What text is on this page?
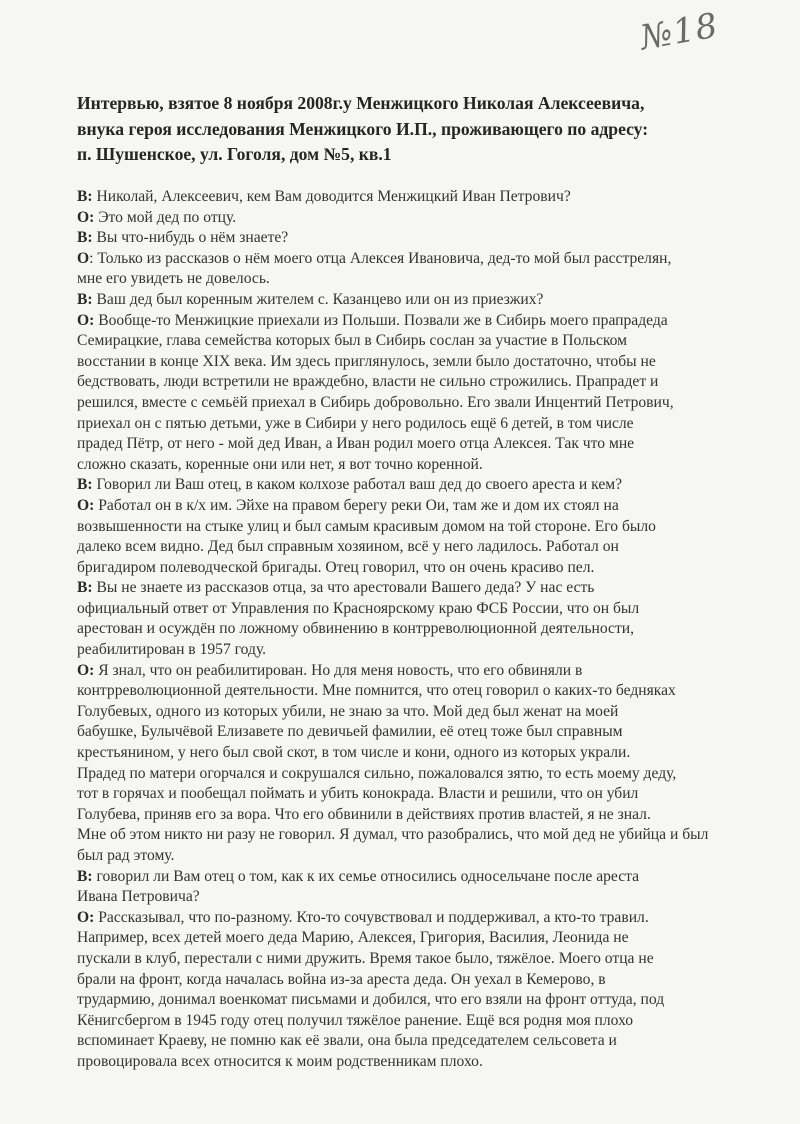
№18
Интервью, взятое 8 ноября 2008г.у Менжицкого Николая Алексеевича,
внука героя исследования Менжицкого И.П., проживающего по адресу:
п. Шушенское, ул. Гоголя, дом №5, кв.1
В: Николай, Алексеевич, кем Вам доводится Менжицкий Иван Петрович?
О: Это мой дед по отцу.
В: Вы что-нибудь о нём знаете?
О: Только из рассказов о нём моего отца Алексея Ивановича, дед-то мой был расстрелян,
мне его увидеть не довелось.
В: Ваш дед был коренным жителем с. Казанцево или он из приезжих?
О: Вообще-то Менжицкие приехали из Польши. Позвали же в Сибирь моего прапрадеда
Семирацкие, глава семейства которых был в Сибирь сослан за участие в Польском
восстании в конце XIX века. Им здесь приглянулось, земли было достаточно, чтобы не
бедствовать, люди встретили не враждебно, власти не сильно строжились. Прапрадет и
решился, вместе с семьёй приехал в Сибирь добровольно. Его звали Инцентий Петрович,
приехал он с пятью детьми, уже в Сибири у него родилось ещё 6 детей, в том числе
прадед Пётр, от него - мой дед Иван, а Иван родил моего отца Алексея. Так что мне
сложно сказать, коренные они или нет, я вот точно коренной.
В: Говорил ли Ваш отец, в каком колхозе работал ваш дед до своего ареста и кем?
О: Работал он в к/х им. Эйхе на правом берегу реки Ои, там же и дом их стоял на
возвышенности на стыке улиц и был самым красивым домом на той стороне. Его было
далеко всем видно. Дед был справным хозяином, всё у него ладилось. Работал он
бригадиром полеводческой бригады. Отец говорил, что он очень красиво пел.
В: Вы не знаете из рассказов отца, за что арестовали Вашего деда? У нас есть
официальный ответ от Управления по Красноярскому краю ФСБ России, что он был
арестован и осуждён по ложному обвинению в контрреволюционной деятельности,
реабилитирован в 1957 году.
О: Я знал, что он реабилитирован. Но для меня новость, что его обвиняли в
контрреволюционной деятельности. Мне помнится, что отец говорил о каких-то бедняках
Голубевых, одного из которых убили, не знаю за что. Мой дед был женат на моей
бабушке, Булычёвой Елизавете по девичьей фамилии, её отец тоже был справным
крестьянином, у него был свой скот, в том числе и кони, одного из которых украли.
Прадед по матери огорчался и сокрушался сильно, пожаловался зятю, то есть моему деду,
тот в горячах и пообещал поймать и убить конокрада. Власти и решили, что он убил
Голубева, приняв его за вора. Что его обвинили в действиях против властей, я не знал.
Мне об этом никто ни разу не говорил. Я думал, что разобрались, что мой дед не убийца и был
был рад этому.
В: говорил ли Вам отец о том, как к их семье относились односельчане после ареста
Ивана Петровича?
О: Рассказывал, что по-разному. Кто-то сочувствовал и поддерживал, а кто-то травил.
Например, всех детей моего деда Марию, Алексея, Григория, Василия, Леонида не
пускали в клуб, перестали с ними дружить. Время такое было, тяжёлое. Моего отца не
брали на фронт, когда началась война из-за ареста деда. Он уехал в Кемерово, в
трудармию, донимал военкомат письмами и добился, что его взяли на фронт оттуда, под
Кёнигсбергом в 1945 году отец получил тяжёлое ранение. Ещё вся родня моя плохо
вспоминает Краеву, не помню как её звали, она была председателем сельсовета и
провоцировала всех относится к моим родственникам плохо.
